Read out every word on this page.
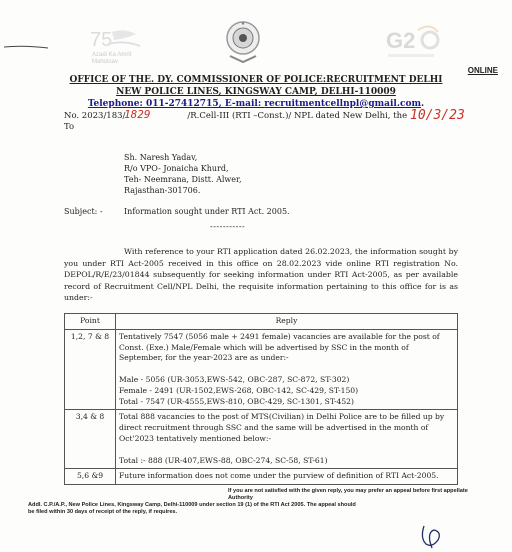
75
Azadi Ka Amrit Mahotsav
★
G2
ONLINE
OFFICE OF THE. DY. COMMISSIONER OF POLICE:RECRUITMENT DELHI
NEW POLICE LINES, KINGSWAY CAMP, DELHI-110009
Telephone: 011-27412715, E-mail: recruitmentcellnpl@gmail.com.
No. 2023/183/	/R.Cell-III (RTI –Const.)/ NPL dated New Delhi, the
1829	10/3/23
To
Sh. Naresh Yadav,
R/o VPO- Jonaicha Khurd,
Teh- Neemrana, Distt. Alwer,
Rajasthan-301706.
Subject: -	Information sought under RTI Act. 2005.
-----------
With reference to your RTI application dated 26.02.2023, the information sought by you under RTI Act-2005 received in this office on 28.02.2023 vide online RTI registration No. DEPOL/R/E/23/01844 subsequently for seeking information under RTI Act-2005, as per available record of Recruitment Cell/NPL Delhi, the requisite information pertaining to this office for is as under:-
Point	Reply
1,2, 7 & 8	Tentatively 7547 (5056 male + 2491 female) vacancies are available for the post of Const. (Exe.) Male/Female which will be advertised by SSC in the month of September, for the year-2023 are as under:-
Male - 5056 (UR-3053,EWS-542, OBC-287, SC-872, ST-302)
Female - 2491 (UR-1502,EWS-268, OBC-142, SC-429, ST-150)
Total - 7547 (UR-4555,EWS-810, OBC-429, SC-1301, ST-452)

3,4 & 8	Total 888 vacancies to the post of MTS(Civilian) in Delhi Police are to be filled up by direct recruitment through SSC and the same will be advertised in the month of Oct'2023 tentatively mentioned below:-
Total :- 888 (UR-407,EWS-88, OBC-274, SC-58, ST-61)

5,6 &9	Future information does not come under the purview of definition of RTI Act-2005.
If you are not satisfied with the given reply, you may prefer an appeal before first appellate Authority
Addl. C.P./A.P., New Police Lines, Kingsway Camp, Delhi-110009 under section 19 (1) of the RTI Act 2005. The appeal should
be filed within 30 days of receipt of the reply, if requires.
